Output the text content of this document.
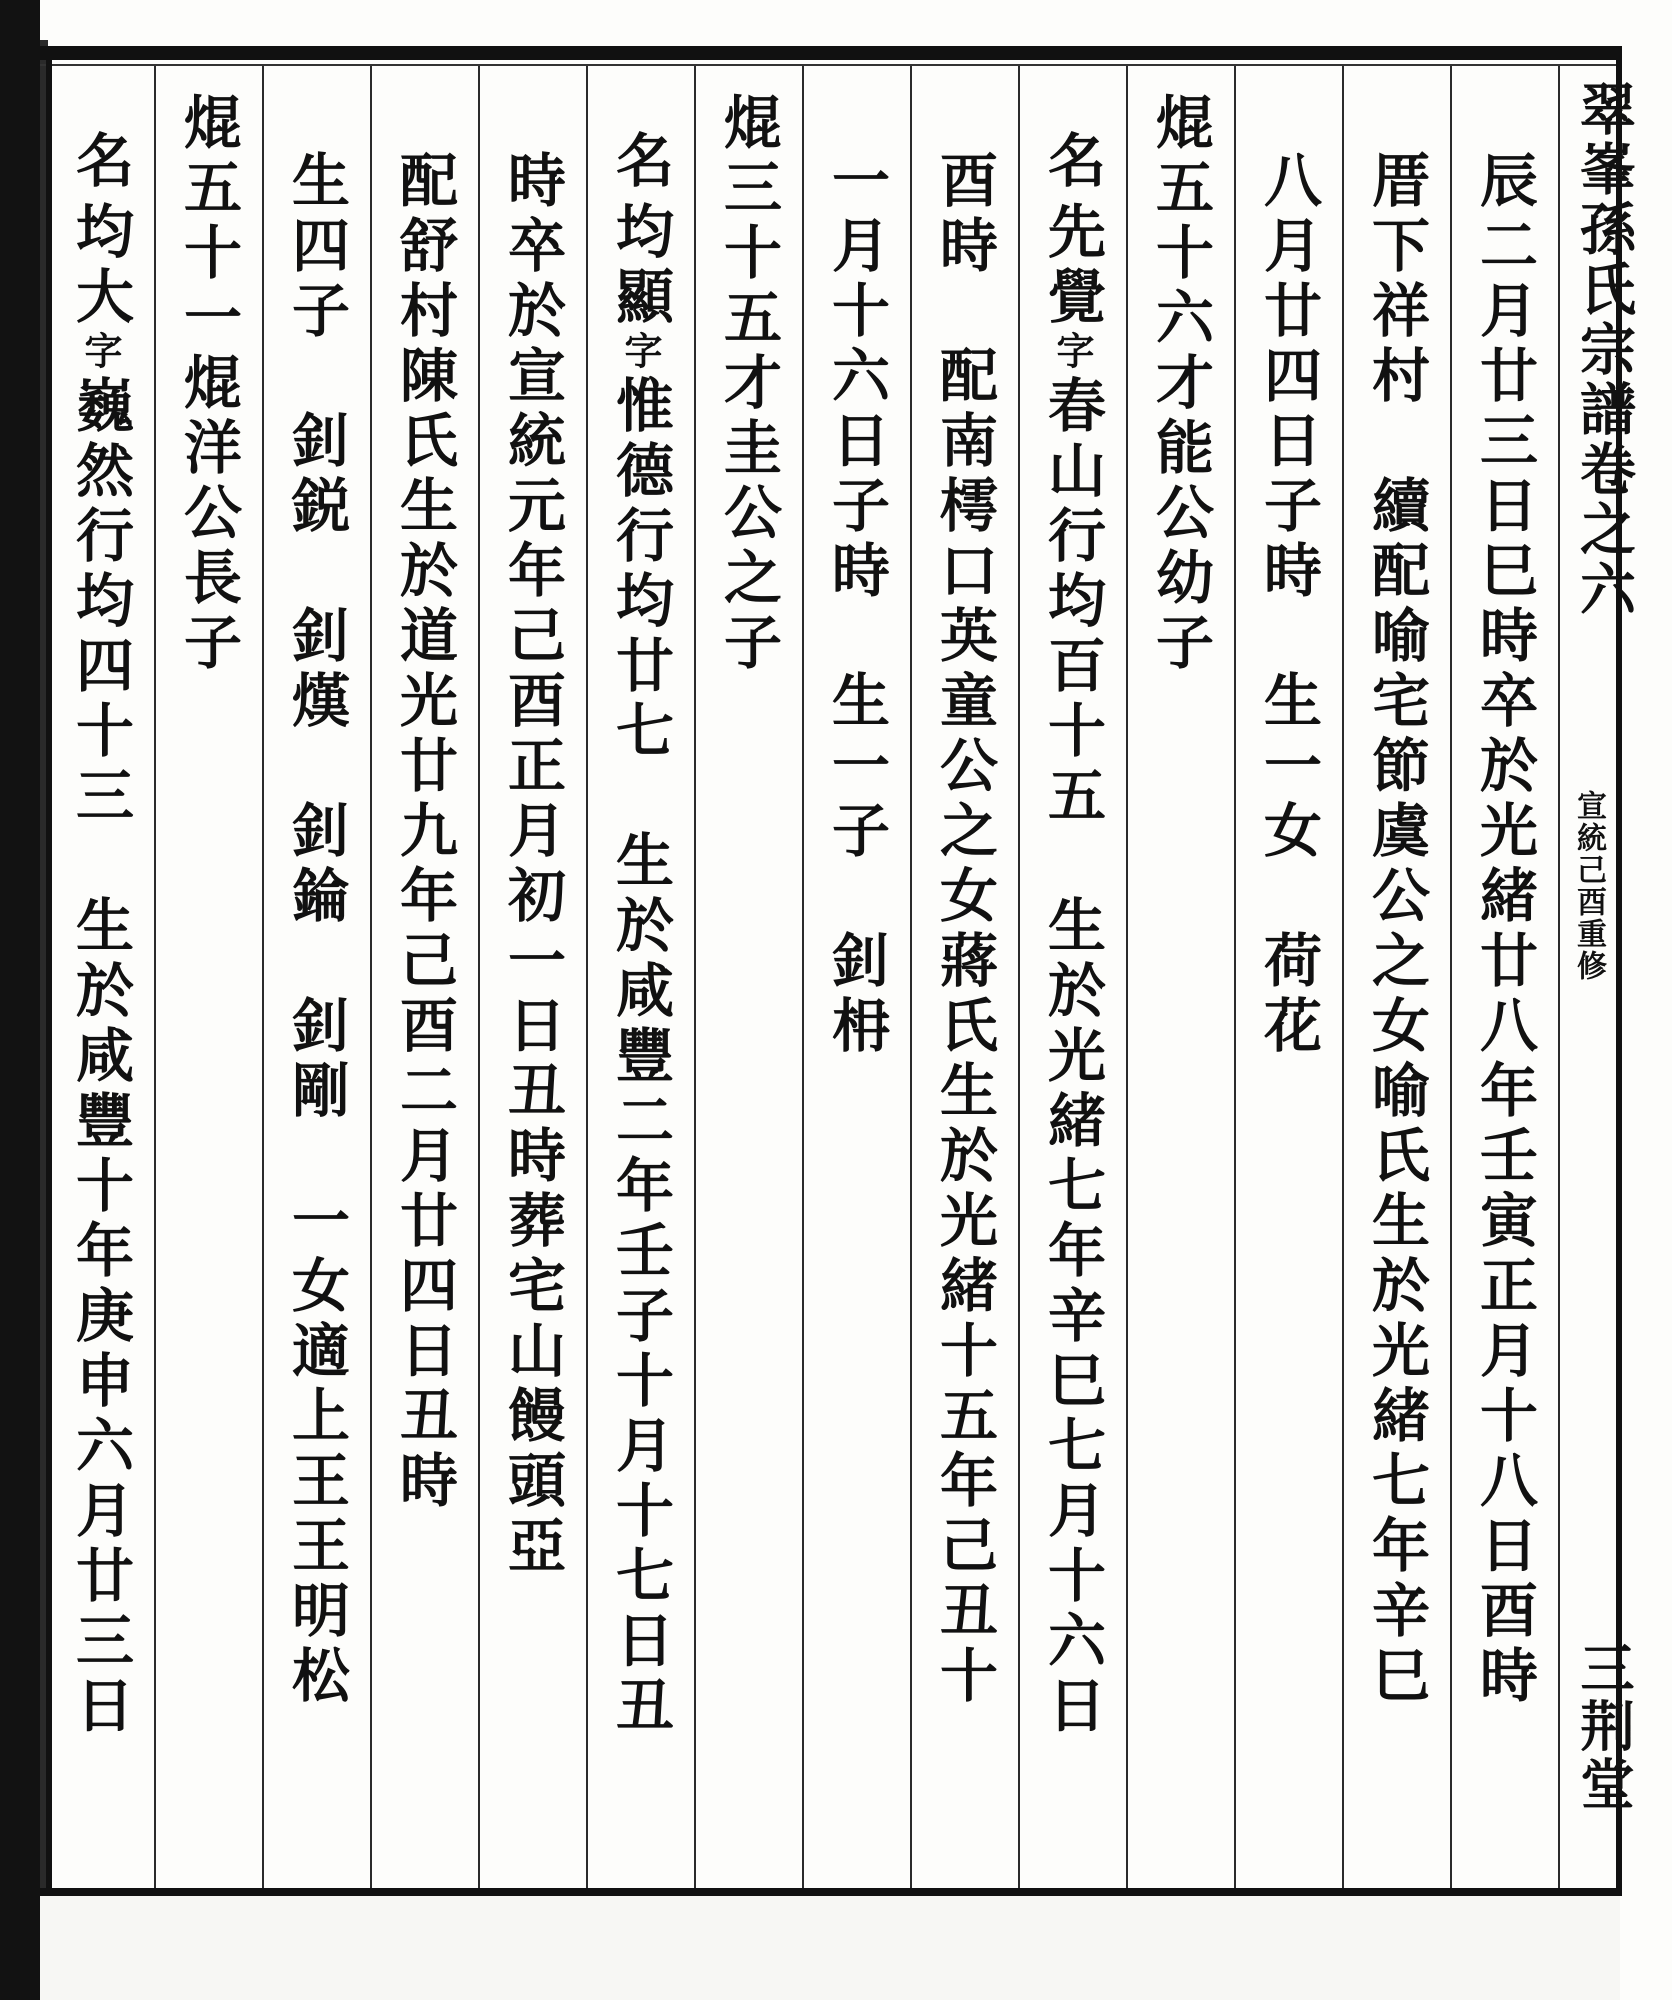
翠峯孫氏宗譜卷之六
宣統己酉重修
三荆堂
辰二月廿三日巳時卒於光緒廿八年壬寅正月十八日酉時
厝下祥村　續配喻宅節虞公之女喻氏生於光緒七年辛巳
八月廿四日子時　生一女　荷花
焜五十六才能公幼子
名
先覺
字
春山行均百十五　生於光緒七年辛巳七月十六日
酉時　配南樗口英童公之女蔣氏生於光緒十五年己丑十
一月十六日子時　生一子　釗枏
焜三十五才圭公之子
名
均顯
字
惟德行均廿七　生於咸豐二年壬子十月十七日丑
時卒於宣統元年己酉正月初一日丑時葬宅山饅頭亞
配舒村陳氏生於道光廿九年己酉二月廿四日丑時
生四子　釗鋭　釗熯　釗錀　釗剛　一女適上王王明松
焜五十一焜洋公長子
名
均大
字
巍然行均四十三　生於咸豐十年庚申六月廿三日
